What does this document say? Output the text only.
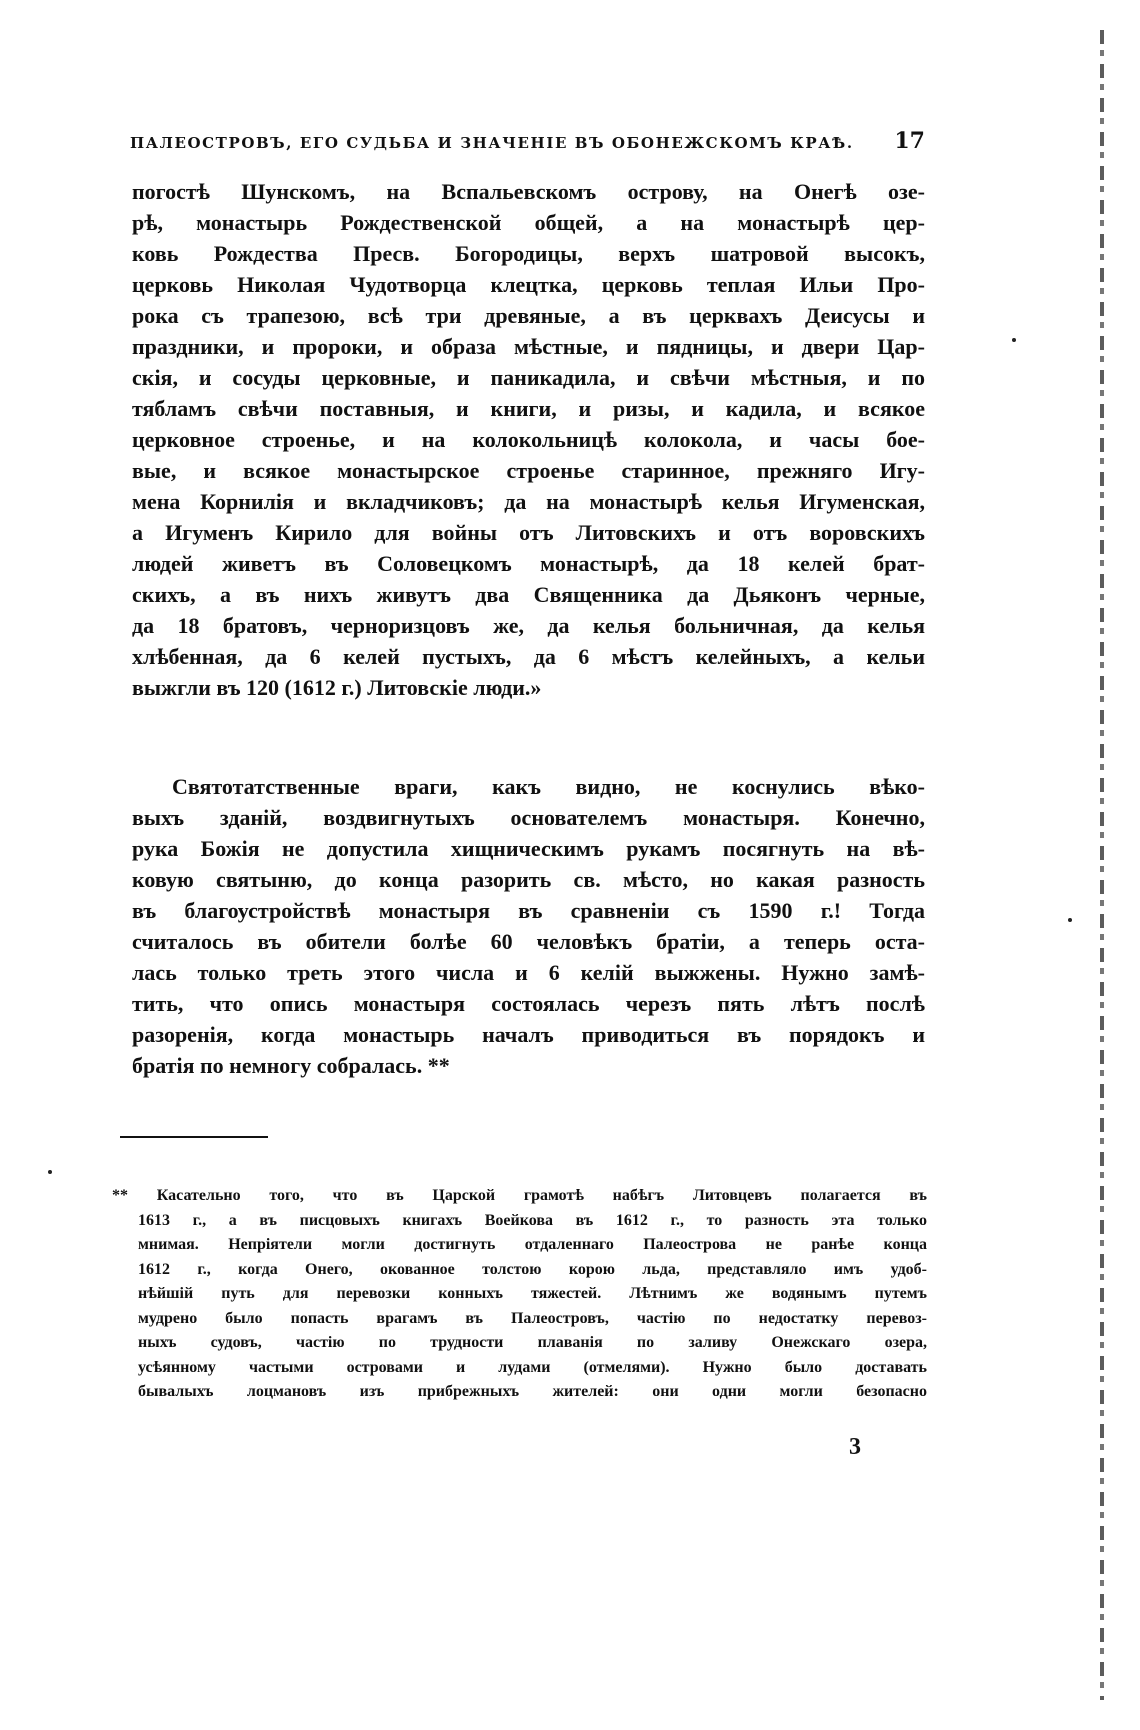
ПАЛЕОСТРОВЪ, ЕГО СУДЬБА И ЗНАЧЕНІЕ ВЪ ОБОНЕЖСКОМЪ КРАѢ. 17
погостѣ Шунскомъ, на Вспальевскомъ острову, на Онегѣ озе-
рѣ, монастырь Рождественской общей, а на монастырѣ цер-
ковь Рождества Пресв. Богородицы, верхъ шатровой высокъ,
церковь Николая Чудотворца клецтка, церковь теплая Ильи Про-
рока съ трапезою, всѣ три древяные, а въ церквахъ Деисусы и
праздники, и пророки, и образа мѣстные, и пядницы, и двери Цар-
скія, и сосуды церковные, и паникадила, и свѣчи мѣстныя, и по
тябламъ свѣчи поставныя, и книги, и ризы, и кадила, и всякое
церковное строенье, и на колокольницѣ колокола, и часы бое-
вые, и всякое монастырское строенье старинное, прежняго Игу-
мена Корнилія и вкладчиковъ; да на монастырѣ келья Игуменская,
а Игуменъ Кирило для войны отъ Литовскихъ и отъ воровскихъ
людей живетъ въ Соловецкомъ монастырѣ, да 18 келей брат-
скихъ, а въ нихъ живутъ два Священника да Дьяконъ черные,
да 18 братовъ, черноризцовъ же, да келья больничная, да келья
хлѣбенная, да 6 келей пустыхъ, да 6 мѣстъ келейныхъ, а кельи
выжгли въ 120 (1612 г.) Литовскіе люди.»
Святотатственные враги, какъ видно, не коснулись вѣко-
выхъ зданій, воздвигнутыхъ основателемъ монастыря. Конечно,
рука Божія не допустила хищническимъ рукамъ посягнуть на вѣ-
ковую святыню, до конца разорить св. мѣсто, но какая разность
въ благоустройствѣ монастыря въ сравненіи съ 1590 г.! Тогда
считалось въ обители болѣе 60 человѣкъ братіи, а теперь оста-
лась только треть этого числа и 6 келій выжжены. Нужно замѣ-
тить, что опись монастыря состоялась черезъ пять лѣтъ послѣ
разоренія, когда монастырь началъ приводиться въ порядокъ и
братія по немногу собралась. **
** Касательно того, что въ Царской грамотѣ набѣгъ Литовцевъ полагается въ
1613 г., а въ писцовыхъ книгахъ Воейкова въ 1612 г., то разность эта только
мнимая. Непріятели могли достигнуть отдаленнаго Палеострова не ранѣе конца
1612 г., когда Онего, окованное толстою корою льда, представляло имъ удоб-
нѣйшій путь для перевозки конныхъ тяжестей. Лѣтнимъ же водянымъ путемъ
мудрено было попасть врагамъ въ Палеостровъ, частію по недостатку перевоз-
ныхъ судовъ, частію по трудности плаванія по заливу Онежскаго озера,
усѣянному частыми островами и лудами (отмелями). Нужно было доставать
бывалыхъ лоцмановъ изъ прибрежныхъ жителей: они одни могли безопасно
3
